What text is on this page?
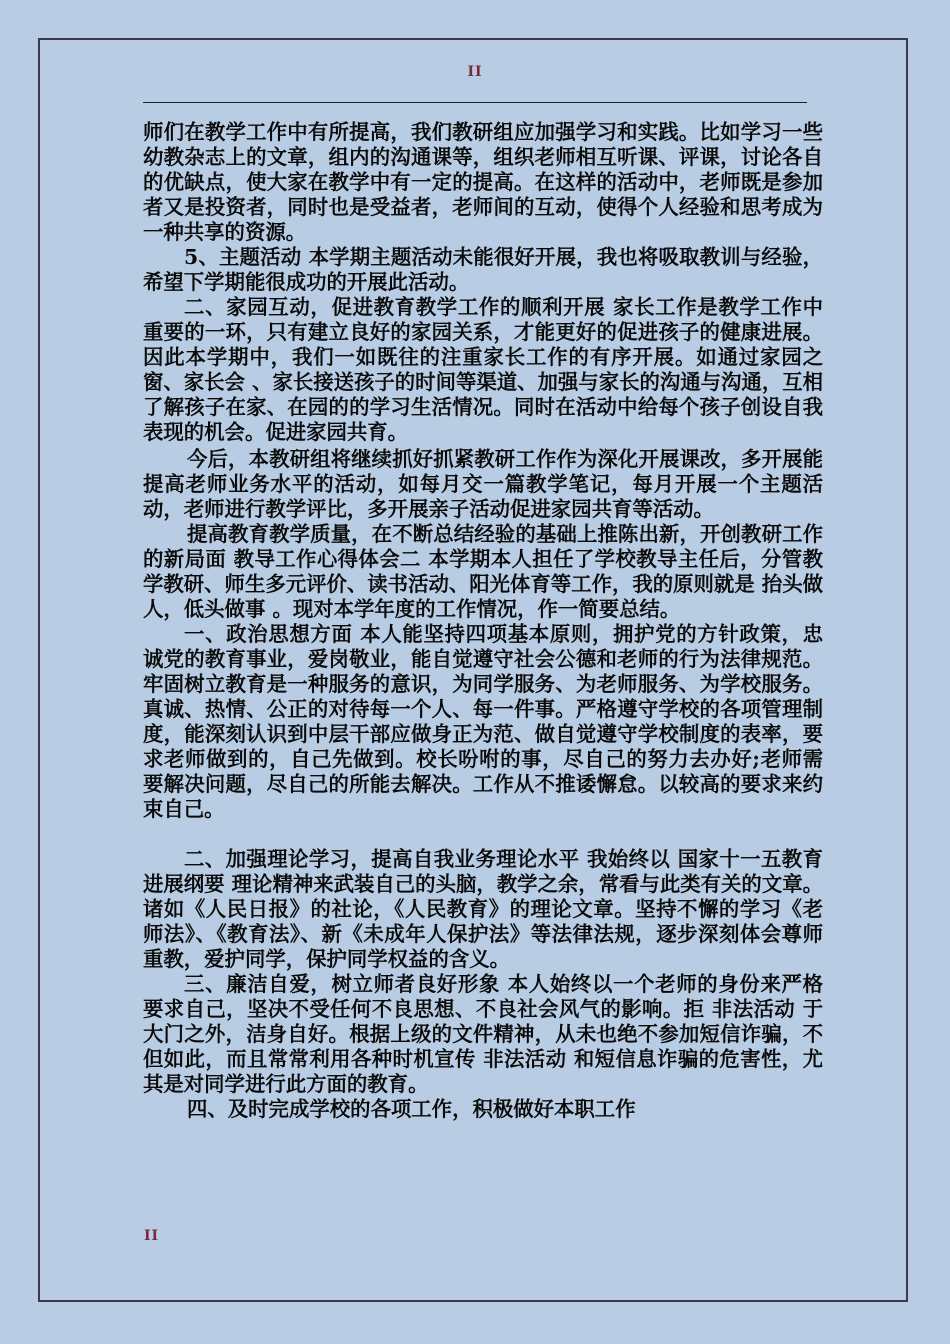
II

师们在教学工作中有所提高，我们教研组应加强学习和实践。比如学习一些幼教杂志上的文章，组内的沟通课等，组织老师相互听课、评课，讨论各自的优缺点，使大家在教学中有一定的提高。在这样的活动中，老师既是参加者又是投资者，同时也是受益者，老师间的互动，使得个人经验和思考成为一种共享的资源。

5、主题活动 本学期主题活动未能很好开展，我也将吸取教训与经验，希望下学期能很成功的开展此活动。

二、家园互动，促进教育教学工作的顺利开展 家长工作是教学工作中重要的一环，只有建立良好的家园关系，才能更好的促进孩子的健康进展。因此本学期中，我们一如既往的注重家长工作的有序开展。如通过家园之窗、家长会 、家长接送孩子的时间等渠道、加强与家长的沟通与沟通，互相了解孩子在家、在园的的学习生活情况。同时在活动中给每个孩子创设自我表现的机会。促进家园共育。

今后，本教研组将继续抓好抓紧教研工作作为深化开展课改，多开展能提高老师业务水平的活动，如每月交一篇教学笔记，每月开展一个主题活动，老师进行教学评比，多开展亲子活动促进家园共育等活动。

提高教育教学质量，在不断总结经验的基础上推陈出新，开创教研工作的新局面 教导工作心得体会二 本学期本人担任了学校教导主任后，分管教学教研、师生多元评价、读书活动、阳光体育等工作，我的原则就是 抬头做人，低头做事 。现对本学年度的工作情况，作一简要总结。

一、政治思想方面 本人能坚持四项基本原则，拥护党的方针政策，忠诚党的教育事业，爱岗敬业，能自觉遵守社会公德和老师的行为法律规范。牢固树立教育是一种服务的意识，为同学服务、为老师服务、为学校服务。真诚、热情、公正的对待每一个人、每一件事。严格遵守学校的各项管理制度，能深刻认识到中层干部应做身正为范、做自觉遵守学校制度的表率，要求老师做到的，自己先做到。校长吩咐的事，尽自己的努力去办好;老师需要解决问题，尽自己的所能去解决。工作从不推诿懈怠。以较高的要求来约束自己。

二、加强理论学习，提高自我业务理论水平 我始终以 国家十一五教育进展纲要 理论精神来武装自己的头脑，教学之余，常看与此类有关的文章。诸如《人民日报》的社论，《人民教育》的理论文章。坚持不懈的学习《老师法》、《教育法》、新《未成年人保护法》等法律法规，逐步深刻体会尊师重教，爱护同学，保护同学权益的含义。

三、廉洁自爱，树立师者良好形象 本人始终以一个老师的身份来严格要求自己，坚决不受任何不良思想、不良社会风气的影响。拒 非法活动 于大门之外，洁身自好。根据上级的文件精神，从未也绝不参加短信诈骗，不但如此，而且常常利用各种时机宣传 非法活动 和短信息诈骗的危害性，尤其是对同学进行此方面的教育。

四、及时完成学校的各项工作，积极做好本职工作

II
